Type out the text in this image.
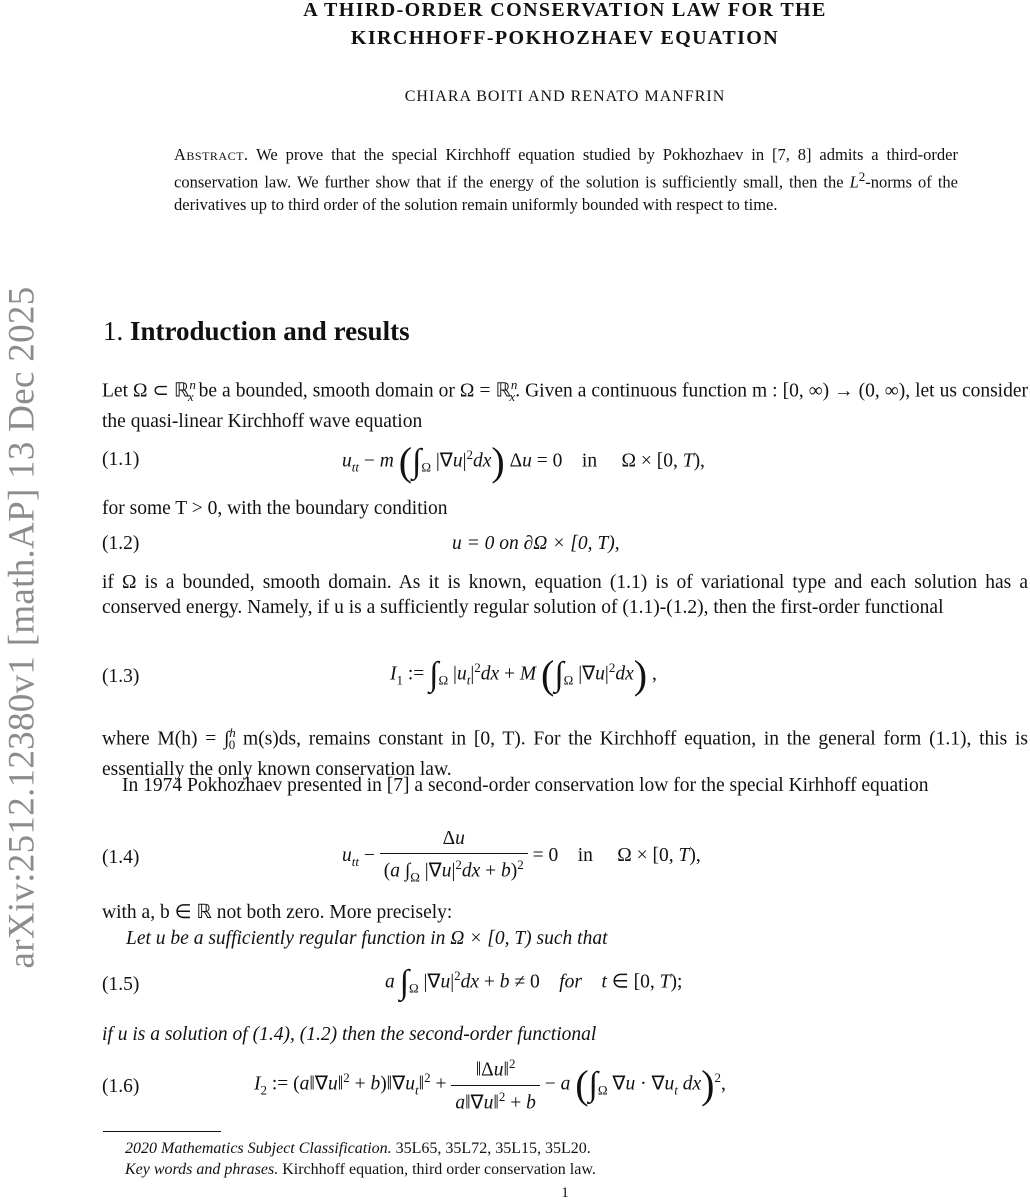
arXiv:2512.12380v1 [math.AP] 13 Dec 2025
A THIRD-ORDER CONSERVATION LAW FOR THE
KIRCHHOFF-POKHOZHAEV EQUATION
CHIARA BOITI AND RENATO MANFRIN
Abstract. We prove that the special Kirchhoff equation studied by Pokhozhaev in [7, 8] admits a third-order conservation law. We further show that if the energy of the solution is sufficiently small, then the $L^2$-norms of the derivatives up to third order of the solution remain uniformly bounded with respect to time.
1. Introduction and results
Let Ω ⊂ ℝ$^n_x$ be a bounded, smooth domain or Ω = ℝ$^n_x$. Given a continuous function m : [0, ∞) → (0, ∞), let us consider the quasi-linear Kirchhoff wave equation
(1.1)	$u_{tt} - m$ ($\int_\Omega$ $|\nabla u|^2dx$) Δu = 0    in     Ω × [0, T),
for some T > 0, with the boundary condition
(1.2)	u = 0 on ∂Ω × [0, T),
if Ω is a bounded, smooth domain. As it is known, equation (1.1) is of variational type and each solution has a conserved energy. Namely, if u is a sufficiently regular solution of (1.1)-(1.2), then the first-order functional
(1.3)	$I_1$ := $\int_\Omega$ $|u_t|^2dx + M$ ($\int_\Omega$ $|\nabla u|^2dx$) ,
where M(h) = ∫$^h_0$ m(s)ds, remains constant in [0, T). For the Kirchhoff equation, in the general form (1.1), this is essentially the only known conservation law.
In 1974 Pokhozhaev presented in [7] a second-order conservation low for the special Kirhhoff equation
(1.4)	$u_{tt} - \frac{\Delta u}{(a \int_\Omega |\nabla u|^2dx + b)^2} = 0$    in     Ω × [0, T),
with a, b ∈ ℝ not both zero. More precisely:
Let u be a sufficiently regular function in Ω × [0, T) such that
(1.5)	a $\int_\Omega$ $|\nabla u|^2dx + b \ne 0$    for t ∈ [0, T);
if u is a solution of (1.4), (1.2) then the second-order functional
(1.6)	$I_2$ := (a‖∇u‖$^2$ + $b)‖\nabla u_t‖^2 + \frac{‖\Delta u‖^2}{a‖\nabla u‖^2 + b} - a$ ($\int_\Omega$ $\nabla u \cdot \nabla u_t$ dx)$^2$,
2020 Mathematics Subject Classification. 35L65, 35L72, 35L15, 35L20.
Key words and phrases. Kirchhoff equation, third order conservation law.
1
